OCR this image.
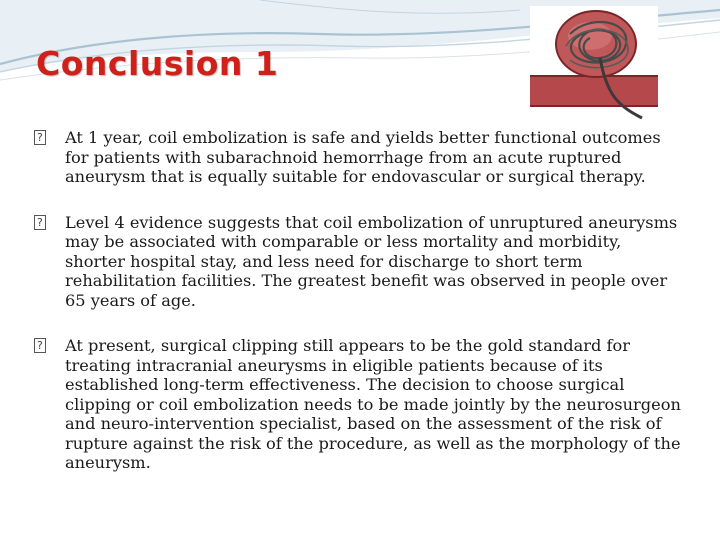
Conclusion 1
?
At 1 year, coil embolization is safe and yields better functional outcomes for patients with subarachnoid hemorrhage from an acute ruptured aneurysm that is equally suitable for endovascular or surgical therapy.
?
Level 4 evidence suggests that coil embolization of unruptured aneurysms may be associated with comparable or less mortality and morbidity, shorter hospital stay, and less need for discharge to short term rehabilitation facilities. The greatest benefit was observed in people over 65 years of age.
?
At present, surgical clipping still appears to be the gold standard for treating intracranial aneurysms in eligible patients because of its established long-term effectiveness. The decision to choose surgical clipping or coil embolization needs to be made jointly by the neurosurgeon and neuro-intervention specialist, based on the assessment of the risk of rupture against the risk of the procedure, as well as the morphology of the aneurysm.
